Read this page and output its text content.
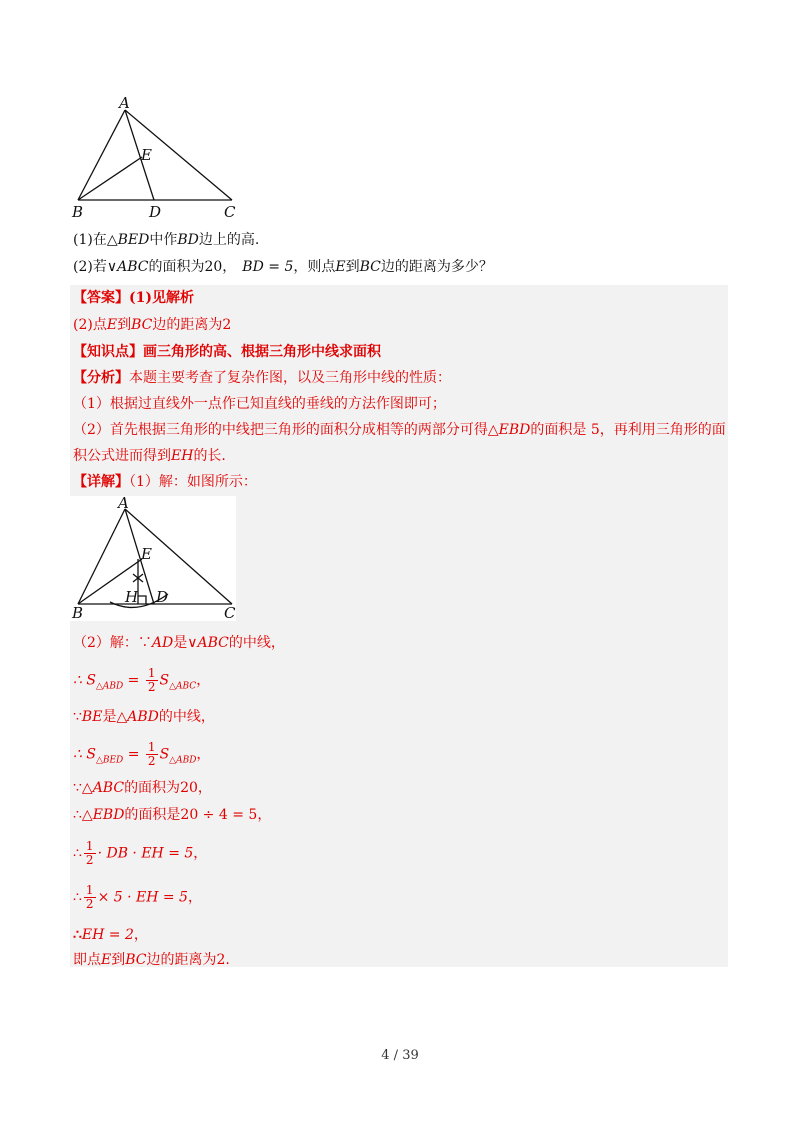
A
E
B	D	C
(1)在△BED中作BD边上的高.
(2)若∨ABC的面积为20， BD = 5，则点E到BC边的距离为多少？
【答案】(1)见解析
(2)点E到BC边的距离为2
【知识点】画三角形的高、根据三角形中线求面积
【分析】本题主要考查了复杂作图，以及三角形中线的性质：
（1）根据过直线外一点作已知直线的垂线的方法作图即可；
（2）首先根据三角形的中线把三角形的面积分成相等的两部分可得△EBD的面积是 5，再利用三角形的面
积公式进而得到EH的长.
【详解】（1）解：如图所示：
A
E
H D
B	C
（2）解：∵AD是∨ABC的中线，
∴ $S_{\triangle ABD} = \frac{1}{2} S_{\triangle ABC}$，
∵BE是△ABD的中线，
∴ $S_{\triangle BED} = \frac{1}{2} S_{\triangle ABD}$，
∵△ABC的面积为20，
∴△EBD的面积是20 ÷ 4 = 5，
∴ $\frac{1}{2}$ · DB · EH = 5，
∴ $\frac{1}{2} \times 5$ · EH = 5，
∴EH = 2，
即点E到BC边的距离为2.
4 / 39
